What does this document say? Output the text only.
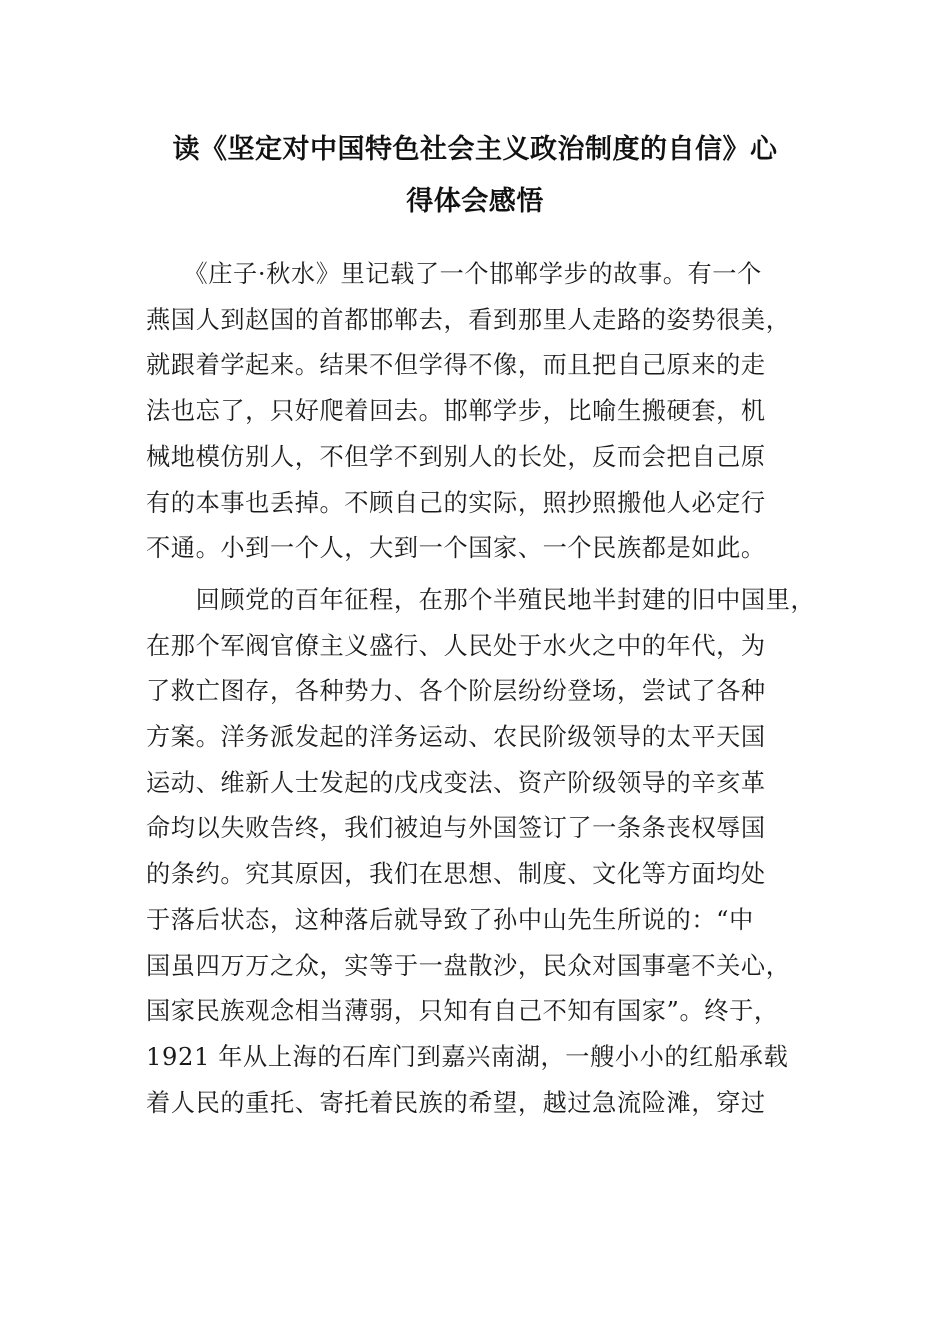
读《坚定对中国特色社会主义政治制度的自信》心
得体会感悟
　　《庄子·秋水》里记载了一个邯郸学步的故事。有一个
燕国人到赵国的首都邯郸去，看到那里人走路的姿势很美，
就跟着学起来。结果不但学得不像，而且把自己原来的走
法也忘了，只好爬着回去。邯郸学步，比喻生搬硬套，机
械地模仿别人，不但学不到别人的长处，反而会把自己原
有的本事也丢掉。不顾自己的实际，照抄照搬他人必定行
不通。小到一个人，大到一个国家、一个民族都是如此。
　　回顾党的百年征程，在那个半殖民地半封建的旧中国里，
在那个军阀官僚主义盛行、人民处于水火之中的年代，为
了救亡图存，各种势力、各个阶层纷纷登场，尝试了各种
方案。洋务派发起的洋务运动、农民阶级领导的太平天国
运动、维新人士发起的戊戌变法、资产阶级领导的辛亥革
命均以失败告终，我们被迫与外国签订了一条条丧权辱国
的条约。究其原因，我们在思想、制度、文化等方面均处
于落后状态，这种落后就导致了孙中山先生所说的：“中
国虽四万万之众，实等于一盘散沙，民众对国事毫不关心，
国家民族观念相当薄弱，只知有自己不知有国家”。终于，
1921 年从上海的石库门到嘉兴南湖，一艘小小的红船承载
着人民的重托、寄托着民族的希望，越过急流险滩，穿过
